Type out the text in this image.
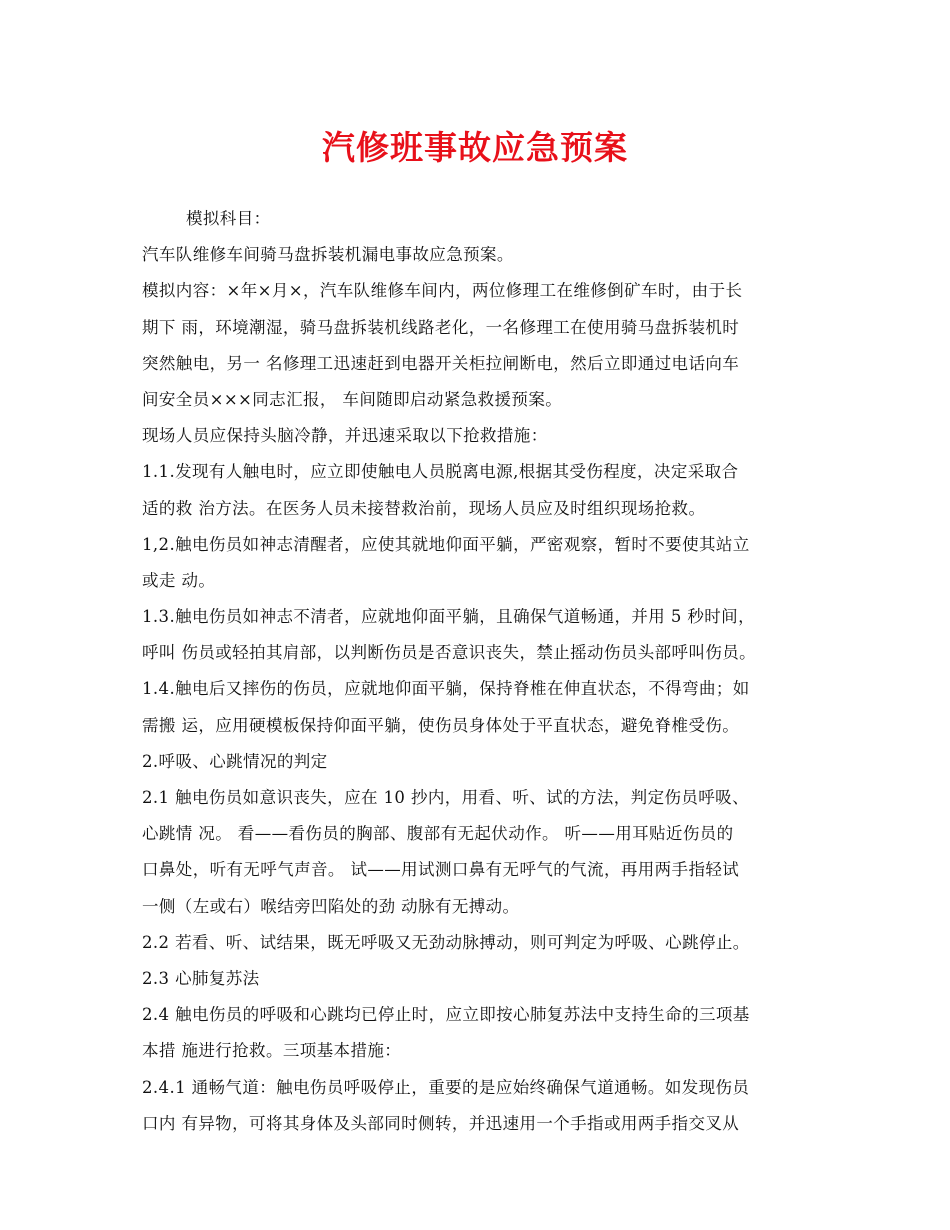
汽修班事故应急预案
模拟科目：
汽车队维修车间骑马盘拆装机漏电事故应急预案。
模拟内容：×年×月×，汽车队维修车间内，两位修理工在维修倒矿车时，由于长
期下 雨，环境潮湿，骑马盘拆装机线路老化，一名修理工在使用骑马盘拆装机时
突然触电，另一 名修理工迅速赶到电器开关柜拉闸断电，然后立即通过电话向车
间安全员×××同志汇报， 车间随即启动紧急救援预案。
现场人员应保持头脑冷静，并迅速采取以下抢救措施：
1.1.发现有人触电时，应立即使触电人员脱离电源,根据其受伤程度，决定采取合
适的救 治方法。在医务人员未接替救治前，现场人员应及时组织现场抢救。
1,2.触电伤员如神志清醒者，应使其就地仰面平躺，严密观察，暂时不要使其站立
或走 动。
1.3.触电伤员如神志不清者，应就地仰面平躺，且确保气道畅通，并用 5 秒时间，
呼叫 伤员或轻拍其肩部，以判断伤员是否意识丧失，禁止摇动伤员头部呼叫伤员。
1.4.触电后又摔伤的伤员，应就地仰面平躺，保持脊椎在伸直状态，不得弯曲；如
需搬 运，应用硬模板保持仰面平躺，使伤员身体处于平直状态，避免脊椎受伤。
2.呼吸、心跳情况的判定
2.1 触电伤员如意识丧失，应在 10 抄内，用看、听、试的方法，判定伤员呼吸、
心跳情 况。 看——看伤员的胸部、腹部有无起伏动作。 听——用耳贴近伤员的
口鼻处，听有无呼气声音。 试——用试测口鼻有无呼气的气流，再用两手指轻试
一侧（左或右）喉结旁凹陷处的劲 动脉有无搏动。
2.2 若看、听、试结果，既无呼吸又无劲动脉搏动，则可判定为呼吸、心跳停止。
2.3 心肺复苏法
2.4 触电伤员的呼吸和心跳均已停止时，应立即按心肺复苏法中支持生命的三项基
本措 施进行抢救。三项基本措施：
2.4.1 通畅气道：触电伤员呼吸停止，重要的是应始终确保气道通畅。如发现伤员
口内 有异物，可将其身体及头部同时侧转，并迅速用一个手指或用两手指交叉从
